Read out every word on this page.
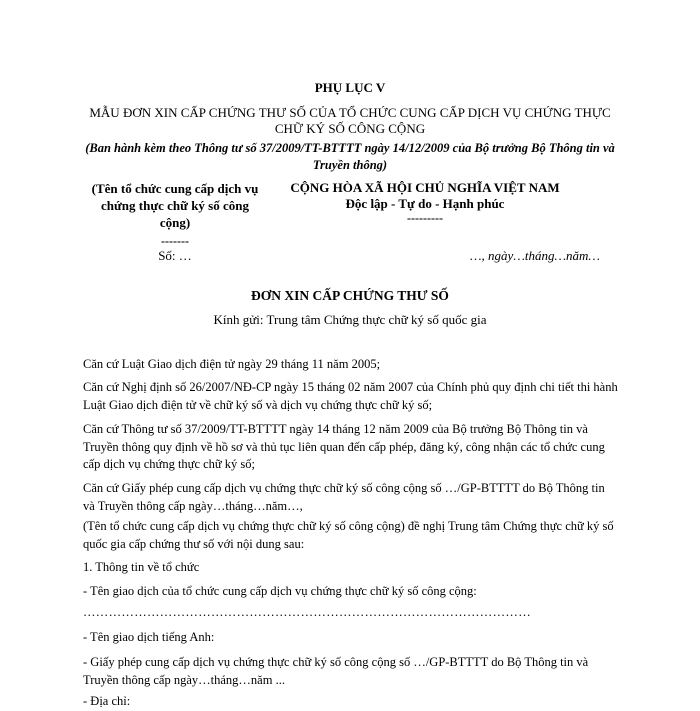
PHỤ LỤC V
MẪU ĐƠN XIN CẤP CHỨNG THƯ SỐ CỦA TỔ CHỨC CUNG CẤP DỊCH VỤ CHỨNG THỰC CHỮ KÝ SỐ CÔNG CỘNG
(Ban hành kèm theo Thông tư số 37/2009/TT-BTTTT ngày 14/12/2009 của Bộ trưởng Bộ Thông tin và Truyền thông)
(Tên tổ chức cung cấp dịch vụ chứng thực chữ ký số công cộng)
-------
Số: …
CỘNG HÒA XÃ HỘI CHỦ NGHĨA VIỆT NAM
Độc lập - Tự do - Hạnh phúc
---------
…, ngày…tháng…năm…
ĐƠN XIN CẤP CHỨNG THƯ SỐ
Kính gửi: Trung tâm Chứng thực chữ ký số quốc gia
Căn cứ Luật Giao dịch điện tử ngày 29 tháng 11 năm 2005;
Căn cứ Nghị định số 26/2007/NĐ-CP ngày 15 tháng 02 năm 2007 của Chính phủ quy định chi tiết thi hành Luật Giao dịch điện tử về chữ ký số và dịch vụ chứng thực chữ ký số;
Căn cứ Thông tư số 37/2009/TT-BTTTT ngày 14 tháng 12 năm 2009 của Bộ trưởng Bộ Thông tin và Truyền thông quy định về hồ sơ và thủ tục liên quan đến cấp phép, đăng ký, công nhận các tổ chức cung cấp dịch vụ chứng thực chữ ký số;
Căn cứ Giấy phép cung cấp dịch vụ chứng thực chữ ký số công cộng số …/GP-BTTTT do Bộ Thông tin và Truyền thông cấp ngày…tháng…năm…,
(Tên tổ chức cung cấp dịch vụ chứng thực chữ ký số công cộng) đề nghị Trung tâm Chứng thực chữ ký số quốc gia cấp chứng thư số với nội dung sau:
1. Thông tin về tổ chức
- Tên giao dịch của tổ chức cung cấp dịch vụ chứng thực chữ ký số công cộng:
……………………………………………………………………………………………
- Tên giao dịch tiếng Anh:
- Giấy phép cung cấp dịch vụ chứng thực chữ ký số công cộng số …/GP-BTTTT do Bộ Thông tin và Truyền thông cấp ngày…tháng…năm ...
- Địa chỉ:
